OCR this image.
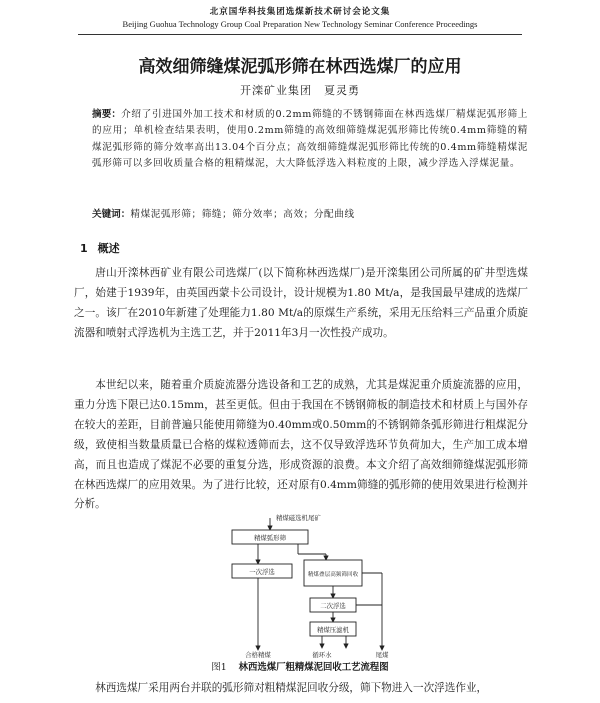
北京国华科技集团选煤新技术研讨会论文集
Beijing Guohua Technology Group Coal Preparation New Technology Seminar Conference Proceedings
高效细筛缝煤泥弧形筛在林西选煤厂的应用
开滦矿业集团　夏灵勇
摘要：介绍了引进国外加工技术和材质的0.2mm筛缝的不锈钢筛面在林西选煤厂精煤泥弧形筛上的应用；单机检查结果表明，使用0.2mm筛缝的高效细筛缝煤泥弧形筛比传统0.4mm筛缝的精煤泥弧形筛的筛分效率高出13.04个百分点；高效细筛缝煤泥弧形筛比传统的0.4mm筛缝精煤泥弧形筛可以多回收质量合格的粗精煤泥，大大降低浮选入料粒度的上限，减少浮选入浮煤泥量。
关键词：精煤泥弧形筛；筛缝；筛分效率；高效；分配曲线
1 概述
唐山开滦林西矿业有限公司选煤厂(以下简称林西选煤厂)是开滦集团公司所属的矿井型选煤厂，始建于1939年，由英国西蒙卡公司设计，设计规模为1.80 Mt/a，是我国最早建成的选煤厂之一。该厂在2010年新建了处理能力1.80 Mt/a的原煤生产系统，采用无压给料三产品重介质旋流器和喷射式浮选机为主选工艺，并于2011年3月一次性投产成功。
本世纪以来，随着重介质旋流器分选设备和工艺的成熟，尤其是煤泥重介质旋流器的应用，重力分选下限已达0.15mm，甚至更低。但由于我国在不锈钢筛板的制造技术和材质上与国外存在较大的差距，目前普遍只能使用筛缝为0.40mm或0.50mm的不锈钢筛条弧形筛进行粗煤泥分级，致使相当数量质量已合格的煤粒透筛而去，这不仅导致浮选环节负荷加大，生产加工成本增高，而且也造成了煤泥不必要的重复分选，形成资源的浪费。本文介绍了高效细筛缝煤泥弧形筛在林西选煤厂的应用效果。为了进行比较，还对原有0.4mm筛缝的弧形筛的使用效果进行检测并分析。
精煤磁选机尾矿
精煤弧形筛
一次浮选	精煤叠层高频筛回收
二次浮选
精煤压滤机
合格精煤	循环水	尾煤
图1 林西选煤厂粗精煤泥回收工艺流程图
林西选煤厂采用两台并联的弧形筛对粗精煤泥回收分级，筛下物进入一次浮选作业，
